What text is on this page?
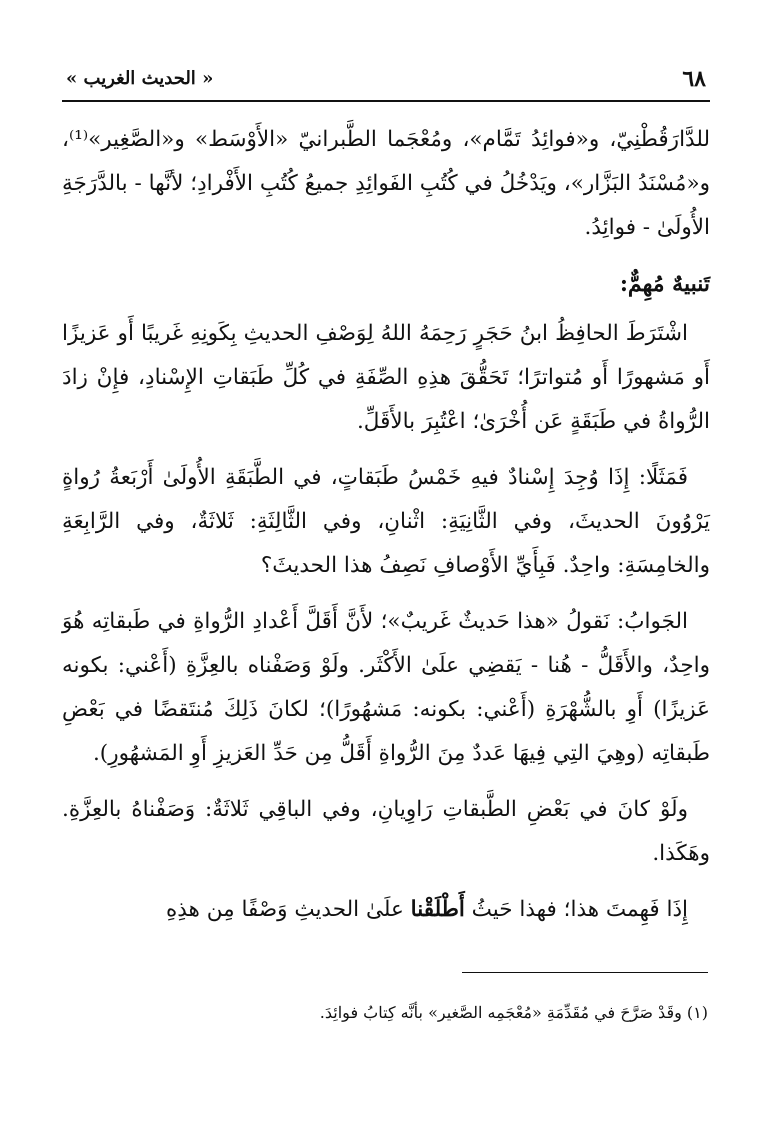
٦٨
« الحديث الغريب »

للدَّارَقُطْنِيّ، و«فوائِدُ تَمَّام»، ومُعْجَما الطَّبرانيّ «الأَوْسَط» و«الصَّغِير»⁽¹⁾، و«مُسْنَدُ البَزَّار»، ويَدْخُلُ في كُتُبِ الفَوائِدِ جميعُ كُتُبِ الأَفْرادِ؛ لأنَّها - بالدَّرَجَةِ الأُولَىٰ - فوائِدُ.

تَنبيهٌ مُهِمٌّ:

اشْتَرَطَ الحافِظُ ابنُ حَجَرٍ رَحِمَهُ اللهُ لِوَصْفِ الحديثِ بِكَونِهِ غَريبًا أَو عَزيزًا أَو مَشهورًا أَو مُتواترًا؛ تَحَقُّقَ هذِهِ الصِّفَةِ في كُلِّ طَبَقاتِ الإِسْنادِ، فإِنْ زادَ الرُّواةُ في طَبَقَةٍ عَن أُخْرَىٰ؛ اعْتُبِرَ بالأَقَلِّ.

فَمَثَلًا: إِذَا وُجِدَ إِسْنادٌ فيهِ خَمْسُ طَبَقاتٍ، في الطَّبَقَةِ الأُولَىٰ أَرْبَعةُ رُواةٍ يَرْوُونَ الحديثَ، وفي الثَّانِيَةِ: اثْنانِ، وفي الثَّالِثَةِ: ثَلاثَةٌ، وفي الرَّابِعَةِ والخامِسَةِ: واحِدٌ. فَبِأَيِّ الأَوْصافِ نَصِفُ هذا الحديثَ؟

الجَوابُ: نَقولُ «هذا حَديثٌ غَريبٌ»؛ لأَنَّ أَقَلَّ أَعْدادِ الرُّواةِ في طَبقاتِه هُوَ واحِدٌ، والأَقَلُّ - هُنا - يَقضِي علَىٰ الأَكْثَر. ولَوْ وَصَفْناه بالعِزَّةِ (أَعْني: بكونه عَزيزًا) أَوِ بالشُّهْرَةِ (أَعْني: بكونه: مَشهُورًا)؛ لكانَ ذَلِكَ مُنتَقضًا في بَعْضِ طَبقاتِه (وهِيَ التِي فِيهَا عَددٌ مِنَ الرُّواةِ أَقَلُّ مِن حَدِّ العَزيزِ أَوِ المَشهُورِ).

ولَوْ كانَ في بَعْضِ الطَّبقاتِ رَاوِيانِ، وفي الباقِي ثَلاثَةٌ: وَصَفْناهُ بالعِزَّةِ. وهَكَذا.

إِذَا فَهِمتَ هذا؛ فهذا حَيثُ أَطْلَقْنا علَىٰ الحديثِ وَصْفًا مِن هذِهِ

(١) وقَدْ صَرَّحَ في مُقَدِّمَةِ «مُعْجَمِه الصَّغير» بأنَّه كِتابُ فوائِدَ.
